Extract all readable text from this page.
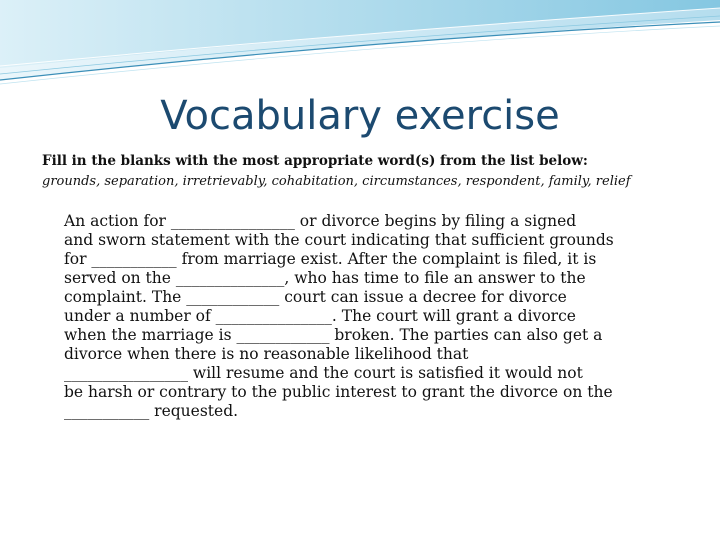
Vocabulary exercise
Fill in the blanks with the most appropriate word(s) from the list below:
grounds, separation, irretrievably, cohabitation, circumstances, respondent, family, relief

An action for ________________ or divorce begins by filing a signed
and sworn statement with the court indicating that sufficient grounds
for ___________ from marriage exist. After the complaint is filed, it is
served on the ______________, who has time to file an answer to the
complaint. The ____________ court can issue a decree for divorce
under a number of _______________. The court will grant a divorce
when the marriage is ____________ broken. The parties can also get a
divorce when there is no reasonable likelihood that
________________ will resume and the court is satisfied it would not
be harsh or contrary to the public interest to grant the divorce on the
___________ requested.
